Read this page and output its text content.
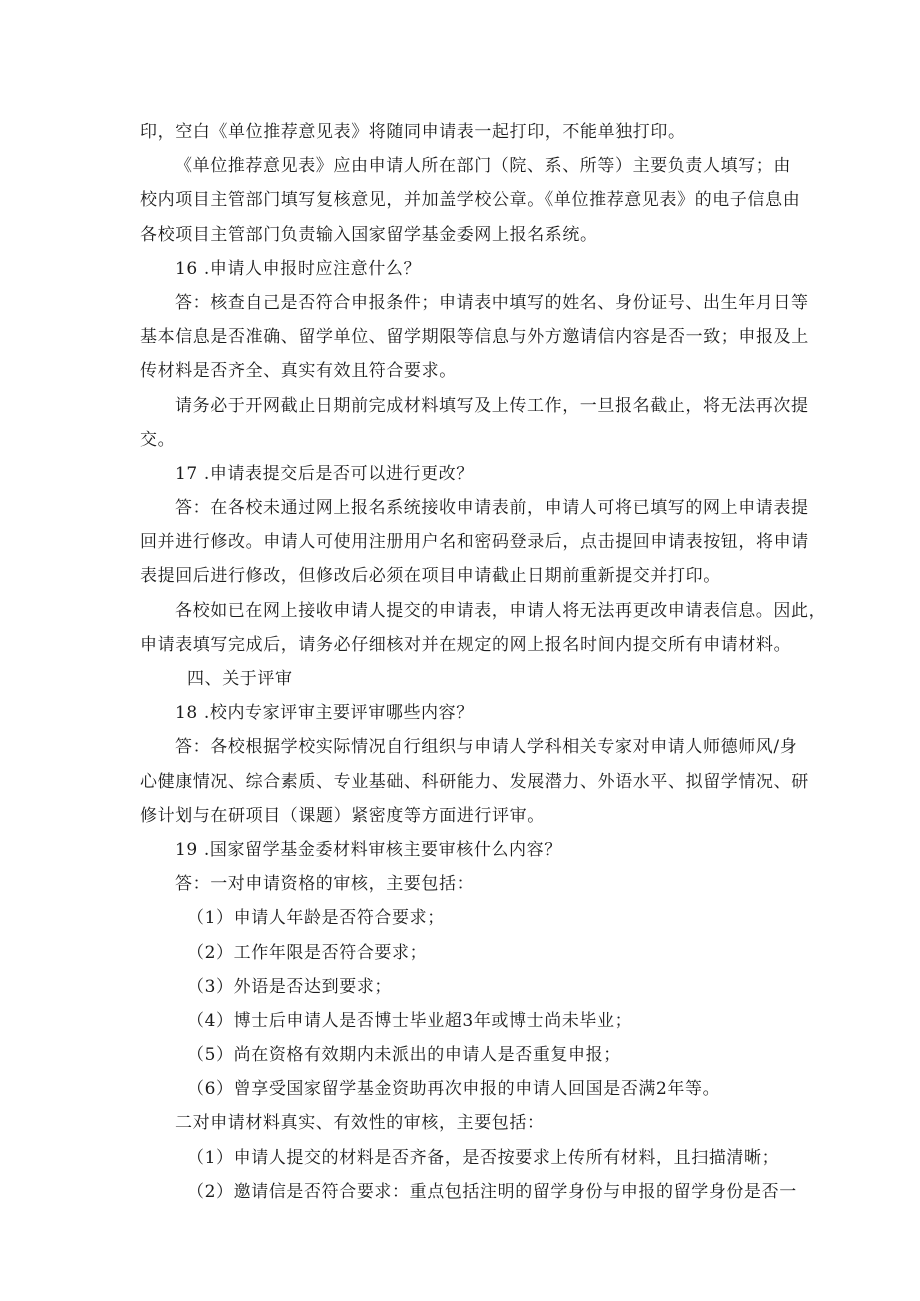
印，空白《单位推荐意见表》将随同申请表一起打印，不能单独打印。
《单位推荐意见表》应由申请人所在部门（院、系、所等）主要负责人填写；由
校内项目主管部门填写复核意见，并加盖学校公章。《单位推荐意见表》的电子信息由
各校项目主管部门负责输入国家留学基金委网上报名系统。
16 .申请人申报时应注意什么？
答：核查自己是否符合申报条件；申请表中填写的姓名、身份证号、出生年月日等
基本信息是否准确、留学单位、留学期限等信息与外方邀请信内容是否一致；申报及上
传材料是否齐全、真实有效且符合要求。
请务必于开网截止日期前完成材料填写及上传工作，一旦报名截止，将无法再次提
交。
17 .申请表提交后是否可以进行更改？
答：在各校未通过网上报名系统接收申请表前，申请人可将已填写的网上申请表提
回并进行修改。申请人可使用注册用户名和密码登录后，点击提回申请表按钮，将申请
表提回后进行修改，但修改后必须在项目申请截止日期前重新提交并打印。
各校如已在网上接收申请人提交的申请表，申请人将无法再更改申请表信息。因此，
申请表填写完成后，请务必仔细核对并在规定的网上报名时间内提交所有申请材料。
四、关于评审
18 .校内专家评审主要评审哪些内容？
答：各校根据学校实际情况自行组织与申请人学科相关专家对申请人师德师风/身
心健康情况、综合素质、专业基础、科研能力、发展潜力、外语水平、拟留学情况、研
修计划与在研项目（课题）紧密度等方面进行评审。
19 .国家留学基金委材料审核主要审核什么内容？
答：一对申请资格的审核，主要包括：
（1）申请人年龄是否符合要求；
（2）工作年限是否符合要求；
（3）外语是否达到要求；
（4）博士后申请人是否博士毕业超3年或博士尚未毕业；
（5）尚在资格有效期内未派出的申请人是否重复申报；
（6）曾享受国家留学基金资助再次申报的申请人回国是否满2年等。
二对申请材料真实、有效性的审核，主要包括：
（1）申请人提交的材料是否齐备，是否按要求上传所有材料，且扫描清晰；
（2）邀请信是否符合要求：重点包括注明的留学身份与申报的留学身份是否一
